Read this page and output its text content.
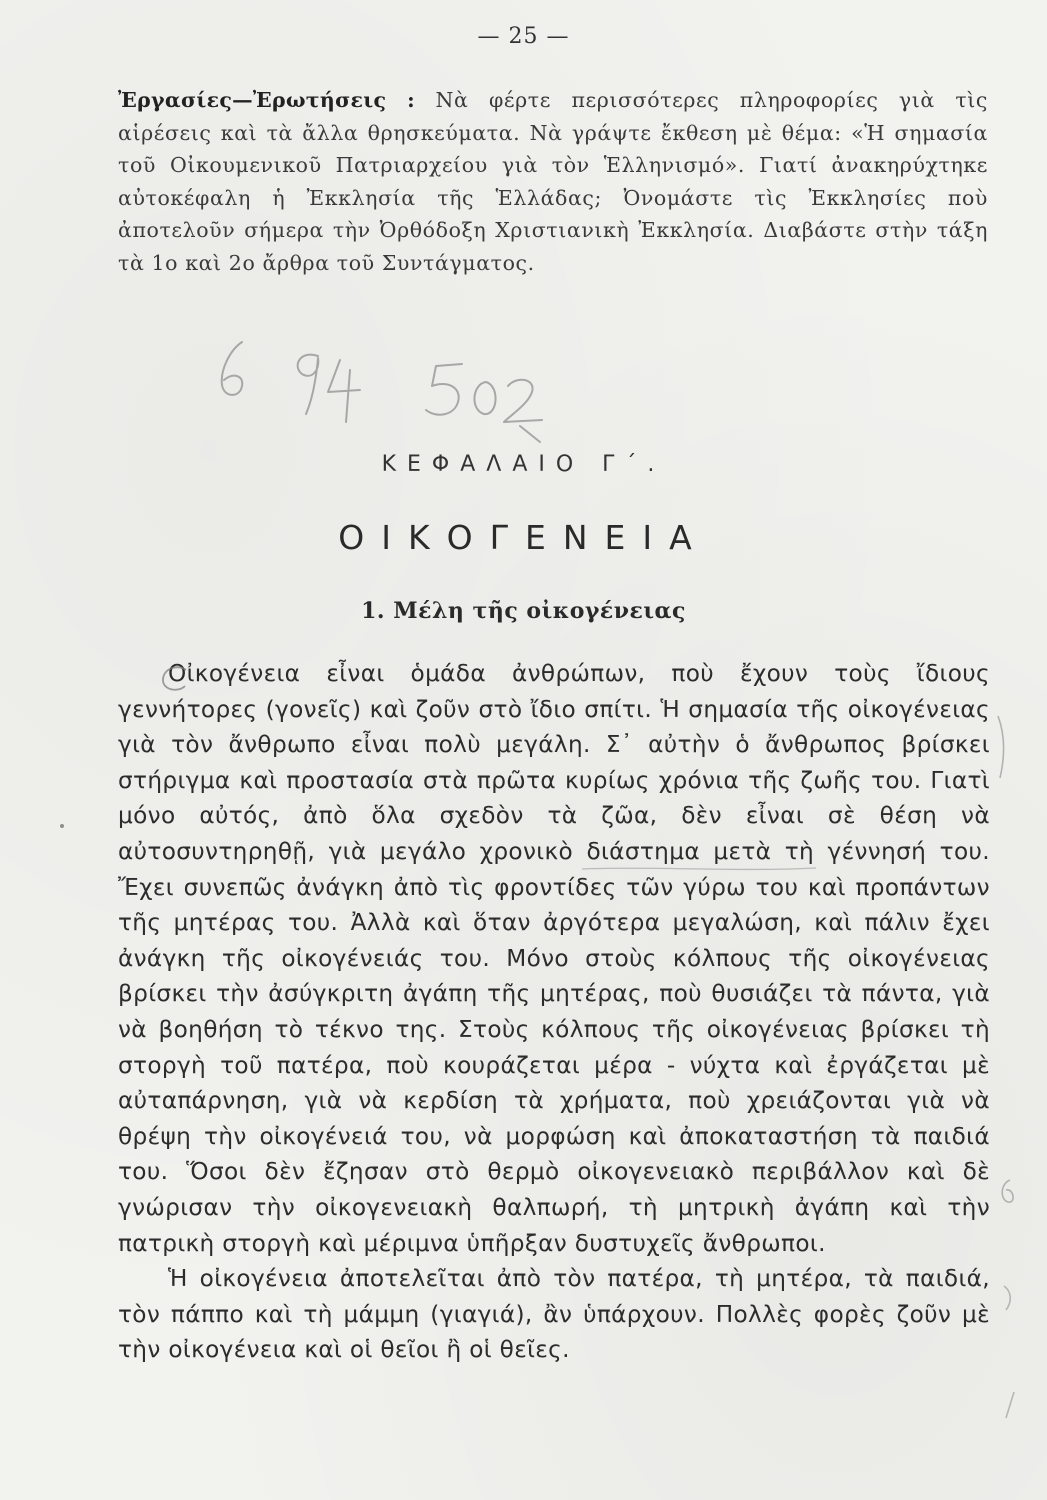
— 25 —
Ἐργασίες—Ἐρωτήσεις : Νὰ φέρτε περισσότερες πληροφορίες γιὰ τὶς αἱρέσεις καὶ τὰ ἄλλα θρησκεύματα. Νὰ γράψτε ἔκθεση μὲ θέμα: «Ἡ σημασία τοῦ Οἰκουμενικοῦ Πατριαρχείου γιὰ τὸν Ἑλληνισμό». Γιατί ἀνακηρύχτηκε αὐτοκέφαλη ἡ Ἐκκλησία τῆς Ἑλλάδας; Ὀνομάστε τὶς Ἐκκλησίες ποὺ ἀποτελοῦν σήμερα τὴν Ὀρθόδοξη Χριστιανικὴ Ἐκκλησία. Διαβάστε στὴν τάξη τὰ 1ο καὶ 2ο ἄρθρα τοῦ Συντάγματος.
6 94 502
ΚΕΦΑΛΑΙΟ Γ΄.
ΟΙΚΟΓΕΝΕΙΑ
1. Μέλη τῆς οἰκογένειας

Οἰκογένεια εἶναι ὁμάδα ἀνθρώπων, ποὺ ἔχουν τοὺς ἴδιους γεννήτορες (γονεῖς) καὶ ζοῦν στὸ ἴδιο σπίτι. Ἡ σημασία τῆς οἰκογένειας γιὰ τὸν ἄνθρωπο εἶναι πολὺ μεγάλη. Σ᾽ αὐτὴν ὁ ἄνθρωπος βρίσκει στήριγμα καὶ προστασία στὰ πρῶτα κυρίως χρόνια τῆς ζωῆς του. Γιατὶ μόνο αὐτός, ἀπὸ ὅλα σχεδὸν τὰ ζῶα, δὲν εἶναι σὲ θέση νὰ αὐτοσυντηρηθῇ, γιὰ μεγάλο χρονικὸ διάστημα μετὰ τὴ γέννησή του. Ἔχει συνεπῶς ἀνάγκη ἀπὸ τὶς φροντίδες τῶν γύρω του καὶ προπάντων τῆς μητέρας του. Ἀλλὰ καὶ ὅταν ἀργότερα μεγαλώση, καὶ πάλιν ἔχει ἀνάγκη τῆς οἰκογένειάς του. Μόνο στοὺς κόλπους τῆς οἰκογένειας βρίσκει τὴν ἀσύγκριτη ἀγάπη τῆς μητέρας, ποὺ θυσιάζει τὰ πάντα, γιὰ νὰ βοηθήση τὸ τέκνο της. Στοὺς κόλπους τῆς οἰκογένειας βρίσκει τὴ στοργὴ τοῦ πατέρα, ποὺ κουράζεται μέρα - νύχτα καὶ ἐργάζεται μὲ αὐταπάρνηση, γιὰ νὰ κερδίση τὰ χρήματα, ποὺ χρειάζονται γιὰ νὰ θρέψη τὴν οἰκογένειά του, νὰ μορφώση καὶ ἀποκαταστήση τὰ παιδιά του. Ὅσοι δὲν ἔζησαν στὸ θερμὸ οἰκογενειακὸ περιβάλλον καὶ δὲ γνώρισαν τὴν οἰκογενειακὴ θαλπωρή, τὴ μητρικὴ ἀγάπη καὶ τὴν πατρικὴ στοργὴ καὶ μέριμνα ὑπῆρξαν δυστυχεῖς ἄνθρωποι.

Ἡ οἰκογένεια ἀποτελεῖται ἀπὸ τὸν πατέρα, τὴ μητέρα, τὰ παιδιά, τὸν πάππο καὶ τὴ μάμμη (γιαγιά), ἂν ὑπάρχουν. Πολλὲς φορὲς ζοῦν μὲ τὴν οἰκογένεια καὶ οἱ θεῖοι ἢ οἱ θεῖες.
